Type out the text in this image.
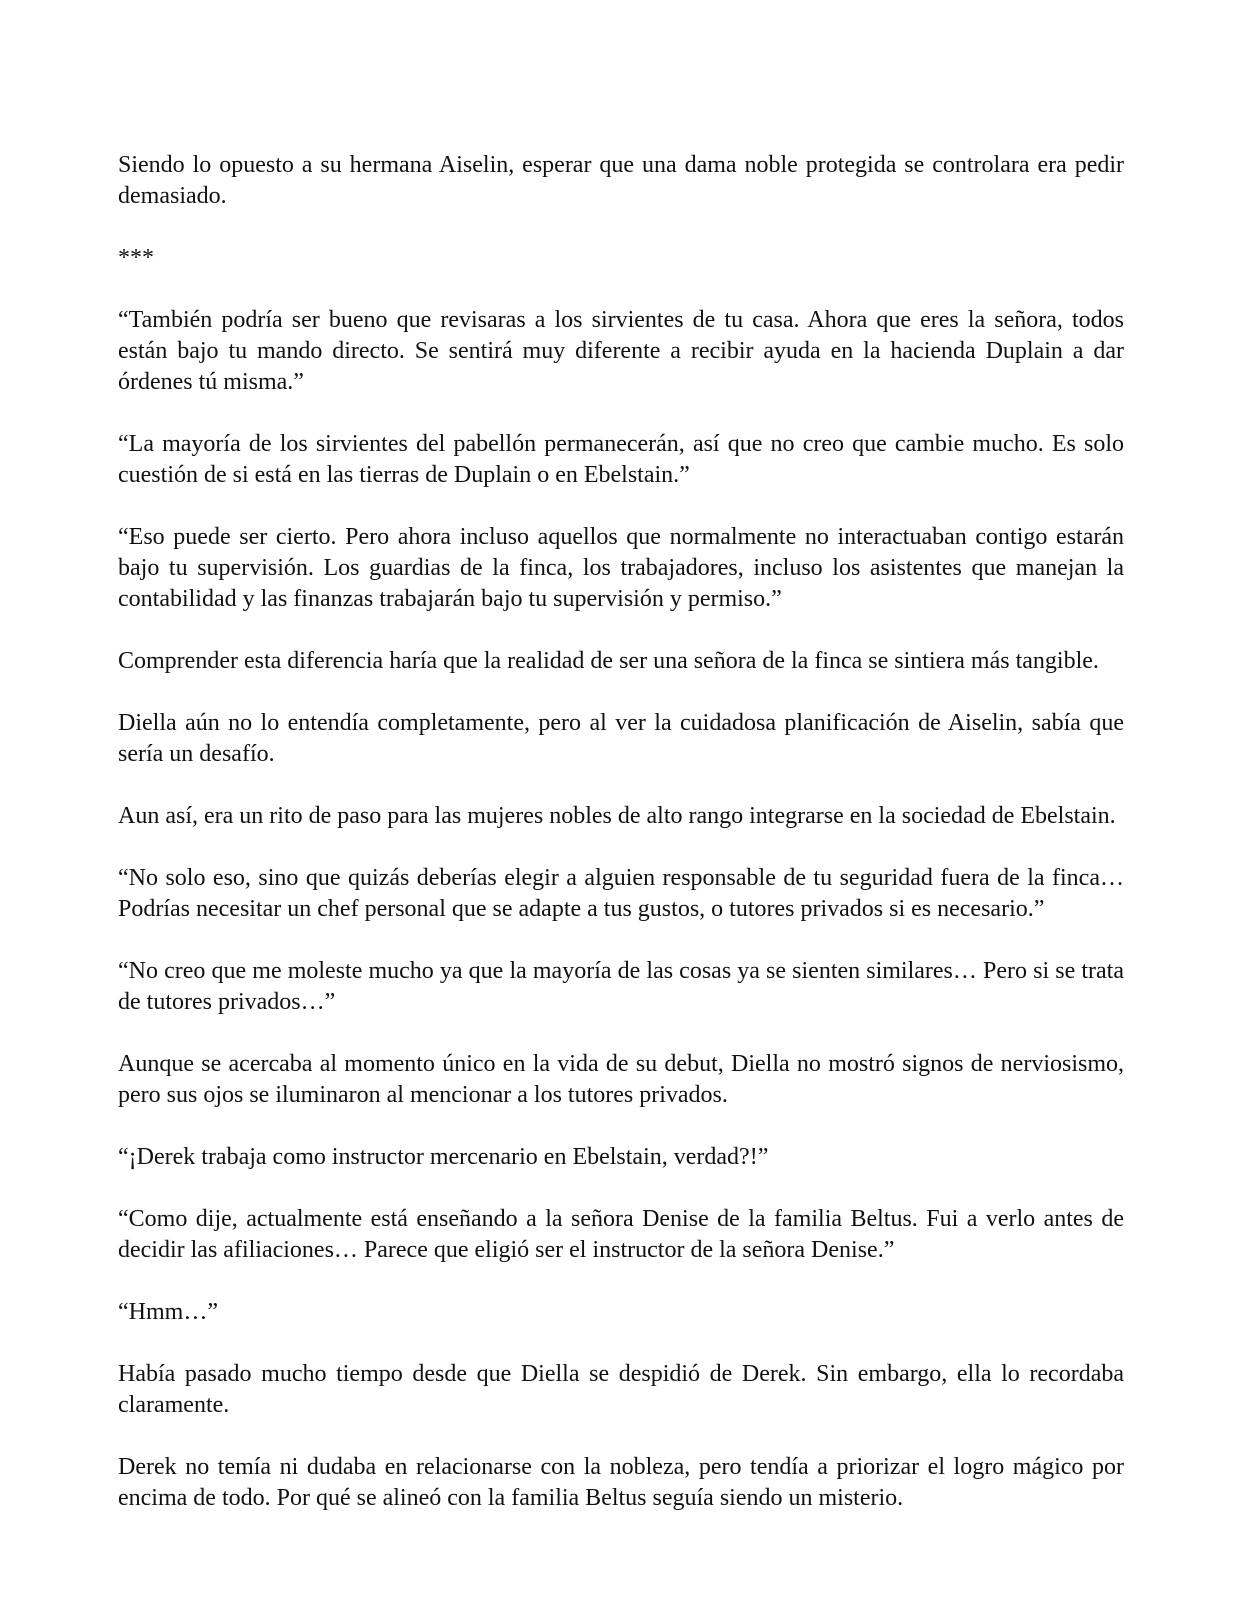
Siendo lo opuesto a su hermana Aiselin, esperar que una dama noble protegida se controlara era pedir demasiado.

***

“También podría ser bueno que revisaras a los sirvientes de tu casa. Ahora que eres la señora, todos están bajo tu mando directo. Se sentirá muy diferente a recibir ayuda en la hacienda Duplain a dar órdenes tú misma.”

“La mayoría de los sirvientes del pabellón permanecerán, así que no creo que cambie mucho. Es solo cuestión de si está en las tierras de Duplain o en Ebelstain.”

“Eso puede ser cierto. Pero ahora incluso aquellos que normalmente no interactuaban contigo estarán bajo tu supervisión. Los guardias de la finca, los trabajadores, incluso los asistentes que manejan la contabilidad y las finanzas trabajarán bajo tu supervisión y permiso.”

Comprender esta diferencia haría que la realidad de ser una señora de la finca se sintiera más tangible.

Diella aún no lo entendía completamente, pero al ver la cuidadosa planificación de Aiselin, sabía que sería un desafío.

Aun así, era un rito de paso para las mujeres nobles de alto rango integrarse en la sociedad de Ebelstain.

“No solo eso, sino que quizás deberías elegir a alguien responsable de tu seguridad fuera de la finca… Podrías necesitar un chef personal que se adapte a tus gustos, o tutores privados si es necesario.”

“No creo que me moleste mucho ya que la mayoría de las cosas ya se sienten similares… Pero si se trata de tutores privados…”

Aunque se acercaba al momento único en la vida de su debut, Diella no mostró signos de nerviosismo, pero sus ojos se iluminaron al mencionar a los tutores privados.

“¡Derek trabaja como instructor mercenario en Ebelstain, verdad?!”

“Como dije, actualmente está enseñando a la señora Denise de la familia Beltus. Fui a verlo antes de decidir las afiliaciones… Parece que eligió ser el instructor de la señora Denise.”

“Hmm…”

Había pasado mucho tiempo desde que Diella se despidió de Derek. Sin embargo, ella lo recordaba claramente.

Derek no temía ni dudaba en relacionarse con la nobleza, pero tendía a priorizar el logro mágico por encima de todo. Por qué se alineó con la familia Beltus seguía siendo un misterio.
